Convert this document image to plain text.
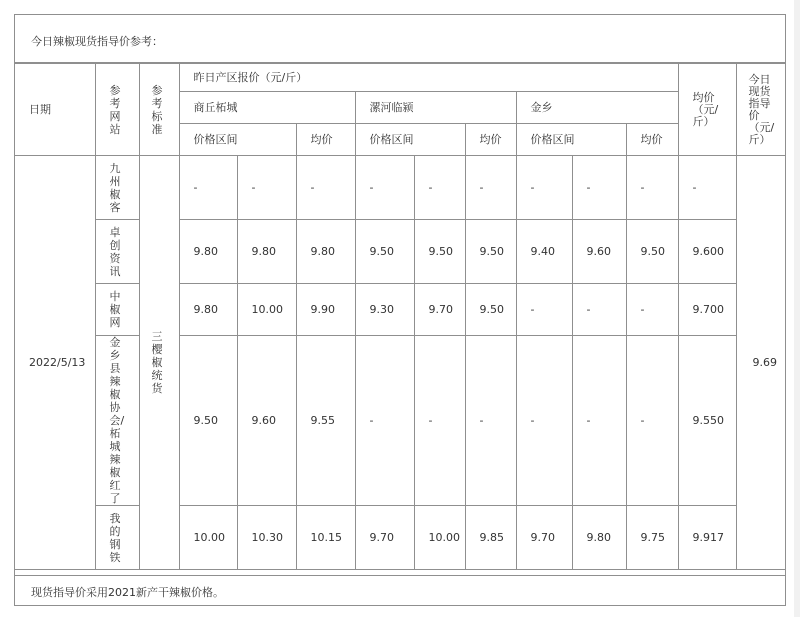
今日辣椒现货指导价参考：
日期	参考网站	参考标准	昨日产区报价（元/斤）									均价（元/斤）	今日现货指导价（元/斤）

			商丘柘城			漯河临颍			金乡				
			价格区间		均价	价格区间		均价	价格区间		均价		
2022/5/13	九州椒客	三樱椒统货	-	-	-	-	-	-	-	-	-	-	9.69

	卓创资讯		9.80	9.80	9.80	9.50	9.50	9.50	9.40	9.60	9.50	9.600	

	中椒网		9.80	10.00	9.90	9.30	9.70	9.50	-	-	-	9.700	

	金乡县辣椒协会/柘城辣椒红了		9.50	9.60	9.55	-	-	-	-	-	-	9.550	

	我的钢铁		10.00	10.30	10.15	9.70	10.00	9.85	9.70	9.80	9.75	9.917	
现货指导价采用2021新产干辣椒价格。
